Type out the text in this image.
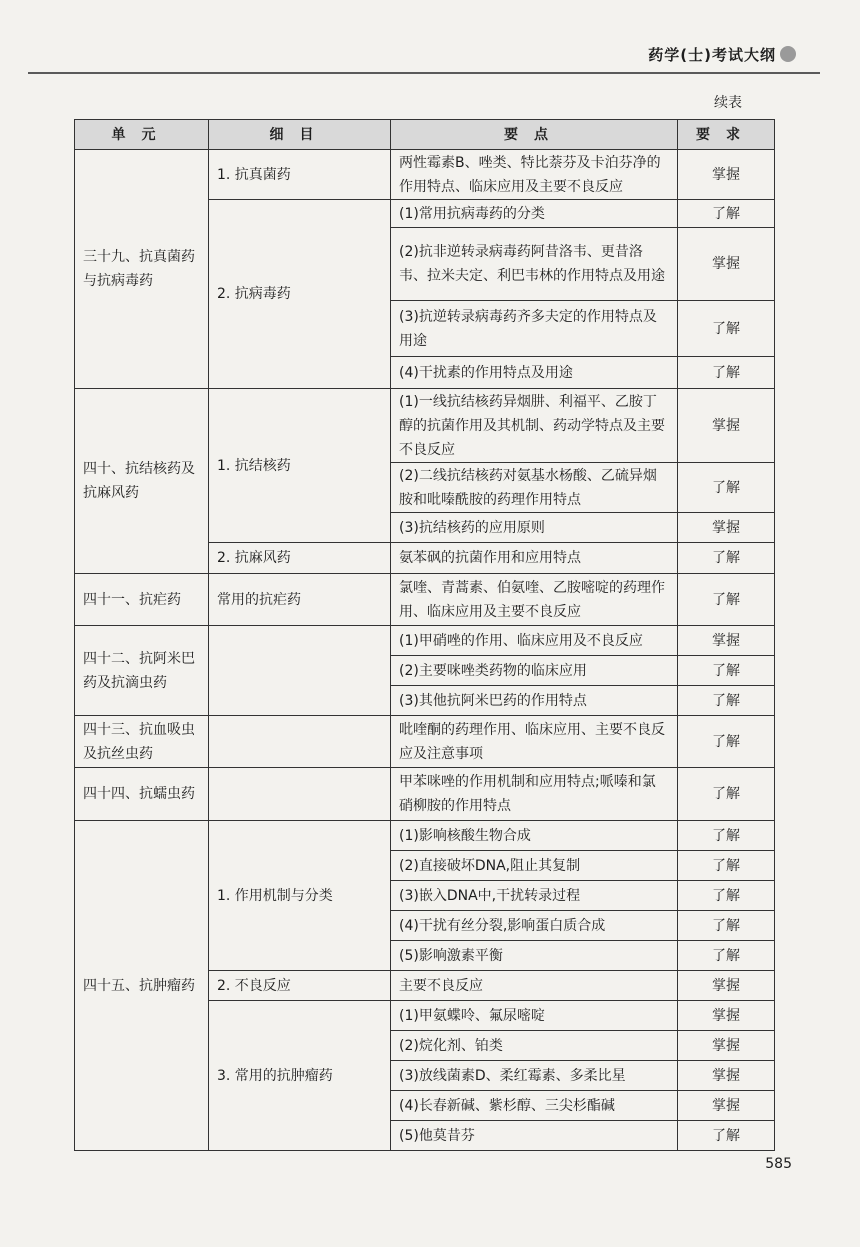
药学(士)考试大纲
续表
单元	细目	要点	要求
三十九、抗真菌药与抗病毒药	1. 抗真菌药	两性霉素B、唑类、特比萘芬及卡泊芬净的作用特点、临床应用及主要不良反应	掌握
	2. 抗病毒药	(1)常用抗病毒药的分类	了解
		(2)抗非逆转录病毒药阿昔洛韦、更昔洛韦、拉米夫定、利巴韦林的作用特点及用途	掌握
		(3)抗逆转录病毒药齐多夫定的作用特点及用途	了解
		(4)干扰素的作用特点及用途	了解
四十、抗结核药及抗麻风药	1. 抗结核药	(1)一线抗结核药异烟肼、利福平、乙胺丁醇的抗菌作用及其机制、药动学特点及主要不良反应	掌握
		(2)二线抗结核药对氨基水杨酸、乙硫异烟胺和吡嗪酰胺的药理作用特点	了解
		(3)抗结核药的应用原则	掌握
	2. 抗麻风药	氨苯砜的抗菌作用和应用特点	了解
四十一、抗疟药	常用的抗疟药	氯喹、青蒿素、伯氨喹、乙胺嘧啶的药理作用、临床应用及主要不良反应	了解
四十二、抗阿米巴药及抗滴虫药		(1)甲硝唑的作用、临床应用及不良反应	掌握
		(2)主要咪唑类药物的临床应用	了解
		(3)其他抗阿米巴药的作用特点	了解
四十三、抗血吸虫及抗丝虫药		吡喹酮的药理作用、临床应用、主要不良反应及注意事项	了解
四十四、抗蠕虫药		甲苯咪唑的作用机制和应用特点;哌嗪和氯硝柳胺的作用特点	了解
四十五、抗肿瘤药	1. 作用机制与分类	(1)影响核酸生物合成	了解
		(2)直接破坏DNA,阻止其复制	了解
		(3)嵌入DNA中,干扰转录过程	了解
		(4)干扰有丝分裂,影响蛋白质合成	了解
		(5)影响激素平衡	了解
	2. 不良反应	主要不良反应	掌握
	3. 常用的抗肿瘤药	(1)甲氨蝶呤、氟尿嘧啶	掌握
		(2)烷化剂、铂类	掌握
		(3)放线菌素D、柔红霉素、多柔比星	掌握
		(4)长春新碱、紫杉醇、三尖杉酯碱	掌握
		(5)他莫昔芬	了解
585
